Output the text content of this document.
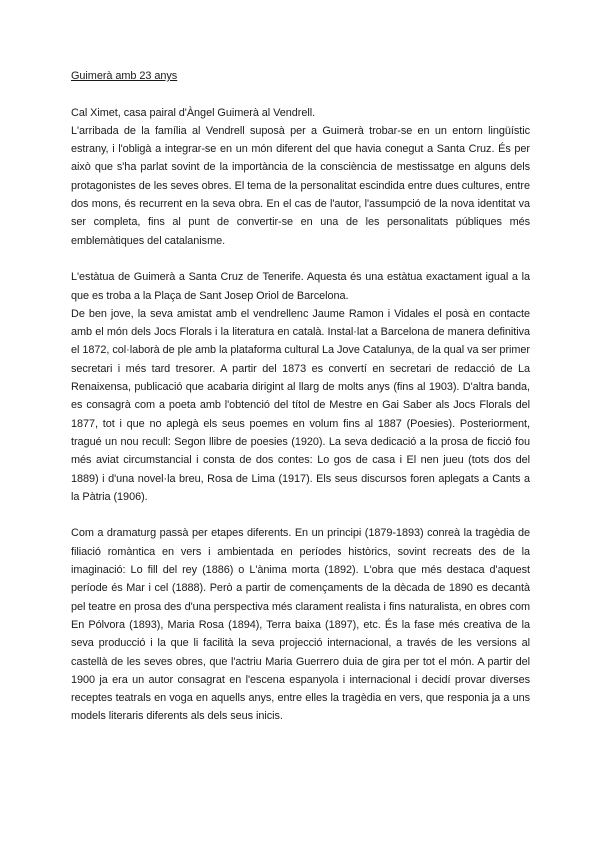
Guimerà amb 23 anys

Cal Ximet, casa pairal d'Àngel Guimerà al Vendrell.

L'arribada de la família al Vendrell suposà per a Guimerà trobar-se en un entorn lingüístic estrany, i l'obligà a integrar-se en un món diferent del que havia conegut a Santa Cruz. És per això que s'ha parlat sovint de la importància de la consciència de mestissatge en alguns dels protagonistes de les seves obres. El tema de la personalitat escindida entre dues cultures, entre dos mons, és recurrent en la seva obra. En el cas de l'autor, l'assumpció de la nova identitat va ser completa, fins al punt de convertir-se en una de les personalitats públiques més emblemàtiques del catalanisme.

L'estàtua de Guimerà a Santa Cruz de Tenerife. Aquesta és una estàtua exactament igual a la que es troba a la Plaça de Sant Josep Oriol de Barcelona.

De ben jove, la seva amistat amb el vendrellenc Jaume Ramon i Vidales el posà en contacte amb el món dels Jocs Florals i la literatura en català. Instal·lat a Barcelona de manera definitiva el 1872, col·laborà de ple amb la plataforma cultural La Jove Catalunya, de la qual va ser primer secretari i més tard tresorer. A partir del 1873 es convertí en secretari de redacció de La Renaixensa, publicació que acabaria dirigint al llarg de molts anys (fins al 1903). D'altra banda, es consagrà com a poeta amb l'obtenció del títol de Mestre en Gai Saber als Jocs Florals del 1877, tot i que no aplegà els seus poemes en volum fins al 1887 (Poesies). Posteriorment, tragué un nou recull: Segon llibre de poesies (1920). La seva dedicació a la prosa de ficció fou més aviat circumstancial i consta de dos contes: Lo gos de casa i El nen jueu (tots dos del 1889) i d'una novel·la breu, Rosa de Lima (1917). Els seus discursos foren aplegats a Cants a la Pàtria (1906).

Com a dramaturg passà per etapes diferents. En un principi (1879-1893) conreà la tragèdia de filiació romàntica en vers i ambientada en períodes històrics, sovint recreats des de la imaginació: Lo fill del rey (1886) o L'ànima morta (1892). L'obra que més destaca d'aquest període és Mar i cel (1888). Però a partir de començaments de la dècada de 1890 es decantà pel teatre en prosa des d'una perspectiva més clarament realista i fins naturalista, en obres com En Pólvora (1893), Maria Rosa (1894), Terra baixa (1897), etc. És la fase més creativa de la seva producció i la que li facilità la seva projecció internacional, a través de les versions al castellà de les seves obres, que l'actriu Maria Guerrero duia de gira per tot el món. A partir del 1900 ja era un autor consagrat en l'escena espanyola i internacional i decidí provar diverses receptes teatrals en voga en aquells anys, entre elles la tragèdia en vers, que responia ja a uns models literaris diferents als dels seus inicis.
